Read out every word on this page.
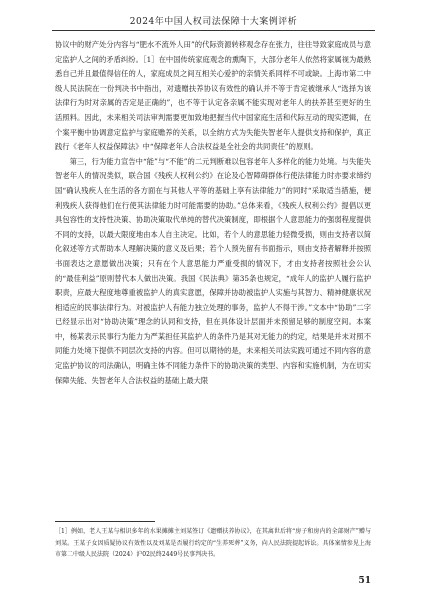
2024年中国人权司法保障十大案例评析

协议中的财产处分内容与“肥水不流外人田”的代际资源转移观念存在张力，往往导致家庭成员与意定监护人之间的矛盾纠纷。［1］在中国传统家庭观念的熏陶下，大部分老年人依然将家属视为最熟悉自己并且最值得信任的人，家庭成员之间互相关心爱护的亲情关系同样不可或缺。上海市第二中级人民法院在一份判决书中指出，对遗赠扶养协议有效性的确认并不等于肯定被继承人“选择为该法律行为时对亲属的否定是正确的”，也不等于认定各亲属不能实现对老年人的扶养甚至更好的生活照料。因此，未来相关司法审判需要更加致地把握当代中国家庭生活和代际互动的现实逻辑，在个案平衡中协调意定监护与家庭赡养的关系，以全纳方式为失能失智老年人提供支持和保护，真正践行《老年人权益保障法》中“保障老年人合法权益是全社会的共同责任”的原则。

第三，行为能力宣告中“能”与“不能”的二元判断难以包容老年人多样化的能力处境。与失能失智老年人的情况类似，联合国《残疾人权利公约》在论及心智障碍群体行使法律能力时亦要求缔约国“确认残疾人在生活的各方面在与其他人平等的基础上享有法律能力”的同时“采取适当措施，便利残疾人获得他们在行使其法律能力时可能需要的协助。”总体来看，《残疾人权利公约》提倡以更具包容性的支持性决策、协助决策取代单纯的替代决策制度，即根据个人意思能力的强弱程度提供不同的支持，以最大限度地由本人自主决定。比如，若个人的意思能力轻微受损，则由支持者以简化叙述等方式帮助本人理解决策的意义及后果；若个人预先留有书面指示，则由支持者解释并按照书面表达之意愿做出决策；只有在个人意思能力严重受损的情况下，才由支持者按照社会公认的“最佳利益”原则替代本人做出决策。我国《民法典》第35条也规定，“成年人的监护人履行监护职责，应最大程度地尊重被监护人的真实意愿，保障并协助被监护人实施与其智力、精神健康状况相适应的民事法律行为。对被监护人有能力独立处理的事务，监护人不得干涉。”文本中“协助”二字已经显示出对“协助决策”理念的认同和支持，但在具体设计层面并未预留足够的制度空间。本案中，杨某表示民事行为能力为严某担任其监护人的条件乃是其对无能力的约定，结果是并未对照不同能力处境下提供不同层次支持的内容。但可以期待的是，未来相关司法实践可通过不同内容的意定监护协议的司法确认，明确主体不同能力条件下的协助决策的类型、内容和实施机制，为在切实保障失能、失智老年人合法权益的基础上最大限

［1］例如，老人王某与相识多年的水果摊摊主刘某签订《遗赠扶养协议》，在其离世后将“房子和房内的全部财产”赠与刘某。王某子女因质疑协议有效性以及刘某是否履行约定的“生养死葬”义务，向人民法院提起诉讼。具体案情参见上海市第二中级人民法院（2024）沪02民终2449号民事判决书。
51
